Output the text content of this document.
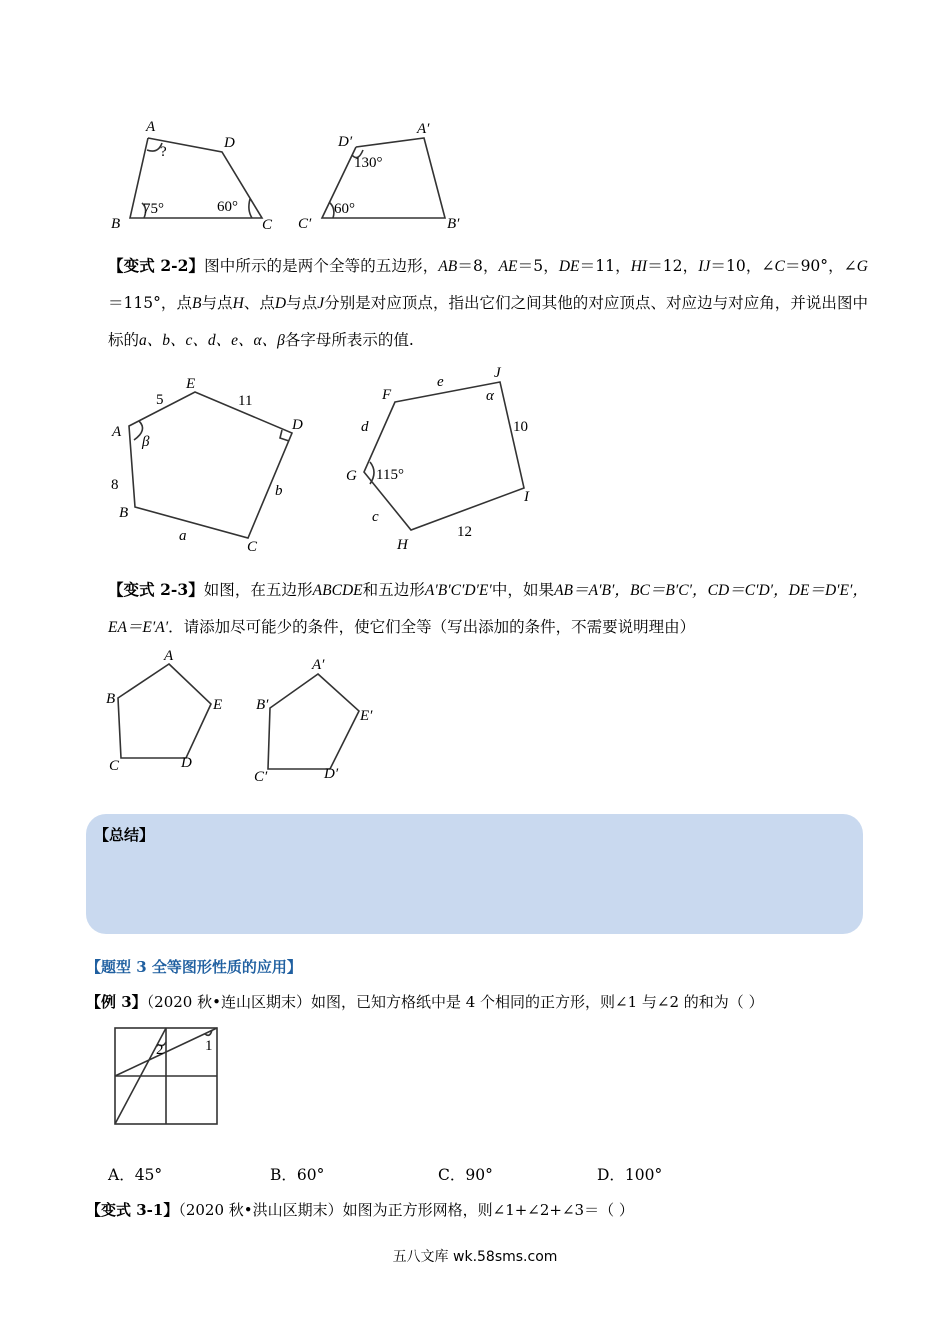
A
D
B	C
?
75°	60°
D′
A′
B′
C′
130°
60°
【变式 2-2】图中所示的是两个全等的五边形，AB＝8，AE＝5，DE＝11，HI＝12，IJ＝10，∠C＝90°，∠G＝115°，点B与点H、点D与点J分别是对应顶点，指出它们之间其他的对应顶点、对应边与对应角，并说出图中标的a、b、c、d、e、α、β各字母所表示的值.
A
E
D
C
B
5	11
8
a
b
β
F
J
I
H
G
e
d
c
12
10
α
115°
【变式 2-3】如图，在五边形ABCDE和五边形A′B′C′D′E′中，如果AB＝A′B′，BC＝B′C′，CD＝C′D′，DE＝D′E′，EA＝E′A′．请添加尽可能少的条件，使它们全等（写出添加的条件，不需要说明理由）
A
B
C	D
E
A′
B′
C′	D′
E′
【总结】
【题型 3 全等图形性质的应用】
【例 3】（2020 秋•连山区期末）如图，已知方格纸中是 4 个相同的正方形，则∠1 与∠2 的和为（ ）
1
2
A．45°	B．60°	C．90°	D．100°
【变式 3-1】（2020 秋•洪山区期末）如图为正方形网格，则∠1+∠2+∠3＝（ ）
五八文库 wk.58sms.com
